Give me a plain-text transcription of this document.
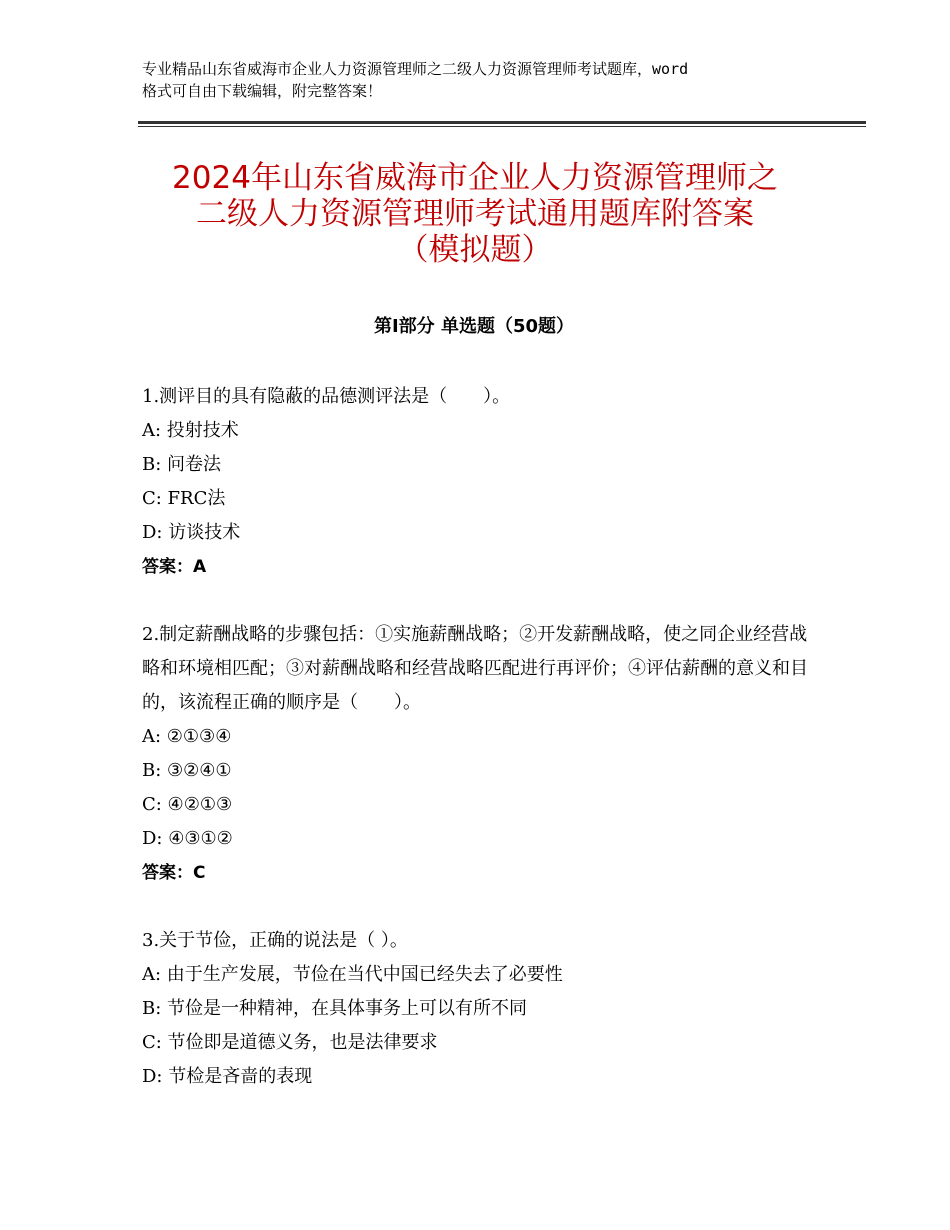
专业精品山东省威海市企业人力资源管理师之二级人力资源管理师考试题库，word
格式可自由下载编辑，附完整答案！
2024年山东省威海市企业人力资源管理师之
二级人力资源管理师考试通用题库附答案
（模拟题）
第Ⅰ部分 单选题（50题）
1.测评目的具有隐蔽的品德测评法是（　　）。
A: 投射技术
B: 问卷法
C: FRC法
D: 访谈技术
答案：A
2.制定薪酬战略的步骤包括：①实施薪酬战略；②开发薪酬战略，使之同企业经营战略和环境相匹配；③对薪酬战略和经营战略匹配进行再评价；④评估薪酬的意义和目的，该流程正确的顺序是（　　）。
A: ②①③④
B: ③②④①
C: ④②①③
D: ④③①②
答案：C
3.关于节俭，正确的说法是（ ）。
A: 由于生产发展，节俭在当代中国已经失去了必要性
B: 节俭是一种精神，在具体事务上可以有所不同
C: 节俭即是道德义务，也是法律要求
D: 节检是吝啬的表现
